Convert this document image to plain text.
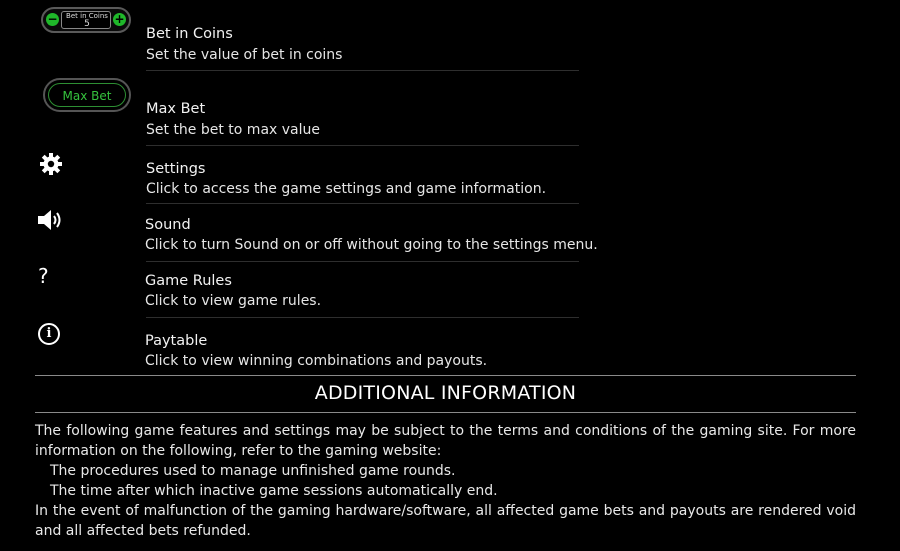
−	Bet in Coins
5	+
Bet in Coins
Set the value of bet in coins
Max Bet
Max Bet
Set the bet to max value
Settings
Click to access the game settings and game information.
Sound
Click to turn Sound on or off without going to the settings menu.
?	Game Rules
Click to view game rules.
i	Paytable
Click to view winning combinations and payouts.
ADDITIONAL INFORMATION
The following game features and settings may be subject to the terms and conditions of the gaming site. For more information on the following, refer to the gaming website:
The procedures used to manage unfinished game rounds.
The time after which inactive game sessions automatically end.
In the event of malfunction of the gaming hardware/software, all affected game bets and payouts are rendered void and all affected bets refunded.
